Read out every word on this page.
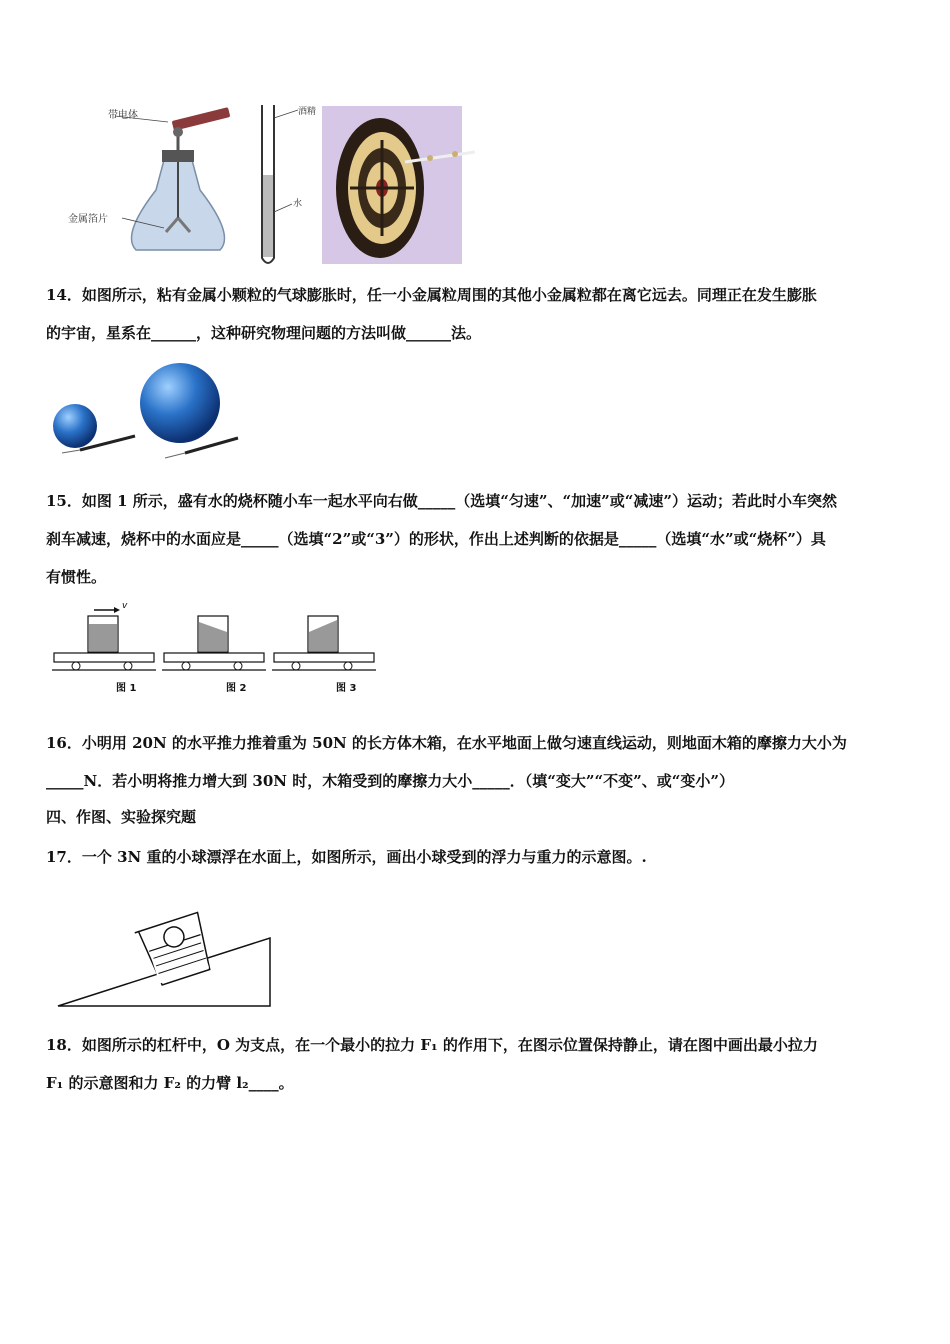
带电体
金属箔片
酒精
水
14．如图所示，粘有金属小颗粒的气球膨胀时，任一小金属粒周围的其他小金属粒都在离它远去。同理正在发生膨胀
的宇宙，星系在______，这种研究物理问题的方法叫做______法。
15．如图 1 所示，盛有水的烧杯随小车一起水平向右做_____（选填“匀速”、“加速”或“减速”）运动；若此时小车突然
刹车减速，烧杯中的水面应是_____（选填“2”或“3”）的形状，作出上述判断的依据是_____（选填“水”或“烧杯”）具
有惯性。
v
图 1	图 2	图 3
16．小明用 20N 的水平推力推着重为 50N 的长方体木箱，在水平地面上做匀速直线运动，则地面木箱的摩擦力大小为
_____N．若小明将推力增大到 30N 时，木箱受到的摩擦力大小_____．（填“变大”“不变”、或“变小”）
四、作图、实验探究题
17．一个 3N 重的小球漂浮在水面上，如图所示，画出小球受到的浮力与重力的示意图。.
18．如图所示的杠杆中，O 为支点，在一个最小的拉力 F₁ 的作用下，在图示位置保持静止，请在图中画出最小拉力
F₁ 的示意图和力 F₂ 的力臂 l₂____。
